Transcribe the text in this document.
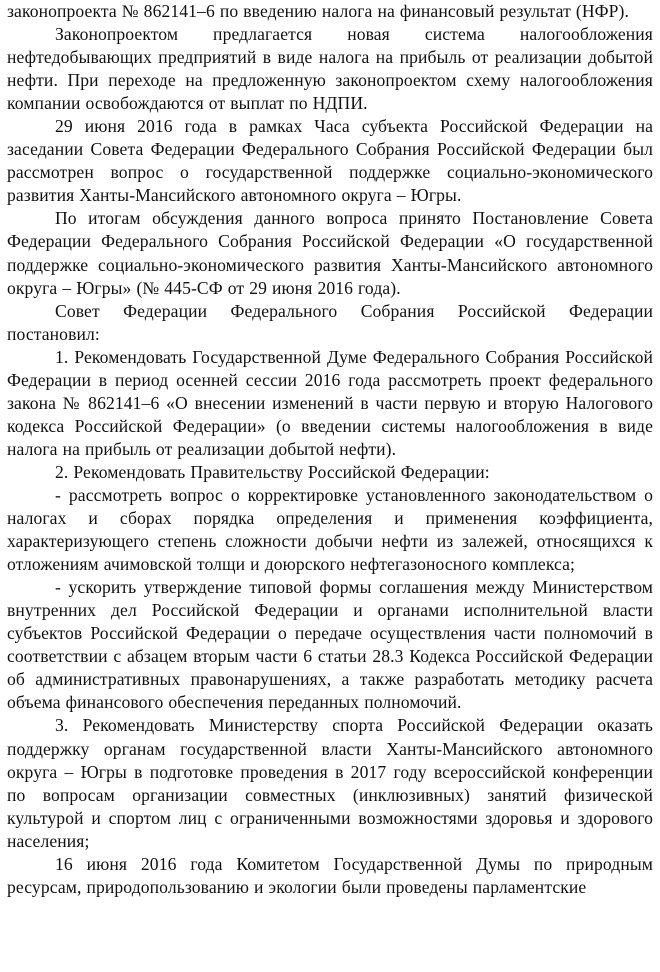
законопроекта № 862141–6 по введению налога на финансовый результат (НФР).

Законопроектом предлагается новая система налогообложения нефтедобывающих предприятий в виде налога на прибыль от реализации добытой нефти. При переходе на предложенную законопроектом схему налогообложения компании освобождаются от выплат по НДПИ.

29 июня 2016 года в рамках Часа субъекта Российской Федерации на заседании Совета Федерации Федерального Собрания Российской Федерации был рассмотрен вопрос о государственной поддержке социально-экономического развития Ханты-Мансийского автономного округа – Югры.

По итогам обсуждения данного вопроса принято Постановление Совета Федерации Федерального Собрания Российской Федерации «О государственной поддержке социально-экономического развития Ханты-Мансийского автономного округа – Югры» (№ 445-СФ от 29 июня 2016 года).

Совет Федерации Федерального Собрания Российской Федерации постановил:

1. Рекомендовать Государственной Думе Федерального Собрания Российской Федерации в период осенней сессии 2016 года рассмотреть проект федерального закона № 862141–6 «О внесении изменений в части первую и вторую Налогового кодекса Российской Федерации» (о введении системы налогообложения в виде налога на прибыль от реализации добытой нефти).

2. Рекомендовать Правительству Российской Федерации:

- рассмотреть вопрос о корректировке установленного законодательством о налогах и сборах порядка определения и применения коэффициента, характеризующего степень сложности добычи нефти из залежей, относящихся к отложениям ачимовской толщи и доюрского нефтегазоносного комплекса;

- ускорить утверждение типовой формы соглашения между Министерством внутренних дел Российской Федерации и органами исполнительной власти субъектов Российской Федерации о передаче осуществления части полномочий в соответствии с абзацем вторым части 6 статьи 28.3 Кодекса Российской Федерации об административных правонарушениях, а также разработать методику расчета объема финансового обеспечения переданных полномочий.

3. Рекомендовать Министерству спорта Российской Федерации оказать поддержку органам государственной власти Ханты-Мансийского автономного округа – Югры в подготовке проведения в 2017 году всероссийской конференции по вопросам организации совместных (инклюзивных) занятий физической культурой и спортом лиц с ограниченными возможностями здоровья и здорового населения;

16 июня 2016 года Комитетом Государственной Думы по природным ресурсам, природопользованию и экологии были проведены парламентские
